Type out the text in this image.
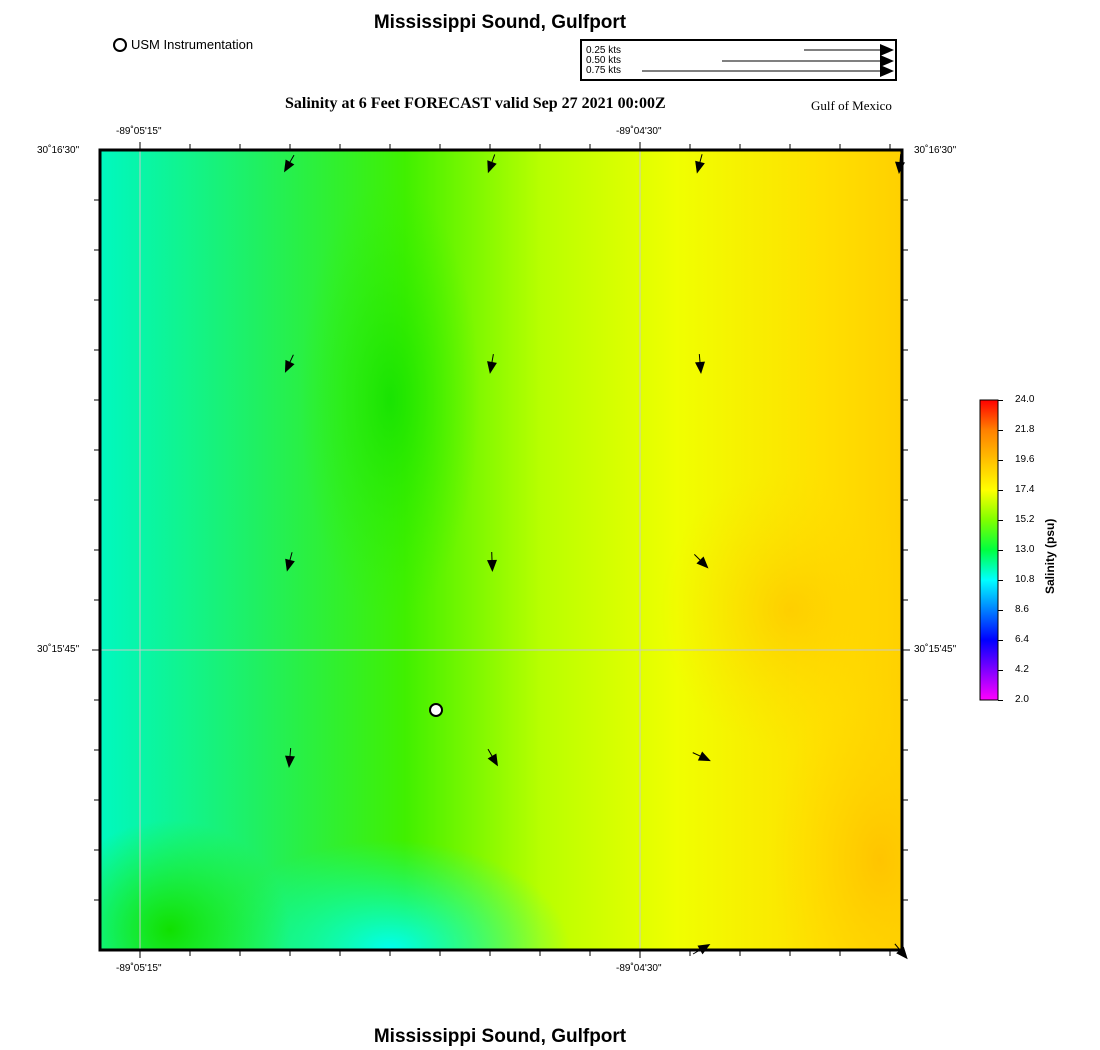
Mississippi Sound, Gulfport
USM Instrumentation	0.25 kts
0.50 kts
0.75 kts
Salinity at 6 Feet FORECAST valid Sep 27 2021 00:00Z	Gulf of Mexico
-89˚05'15"	-89˚04'30"
-89˚05'15"	-89˚04'30"
30˚16'30"
30˚15'45"
30˚16'30"
30˚15'45"
24.0
21.8
19.6
17.4
15.2
13.0
10.8
8.6
6.4
4.2
2.0
Salinity (psu)
Mississippi Sound, Gulfport
